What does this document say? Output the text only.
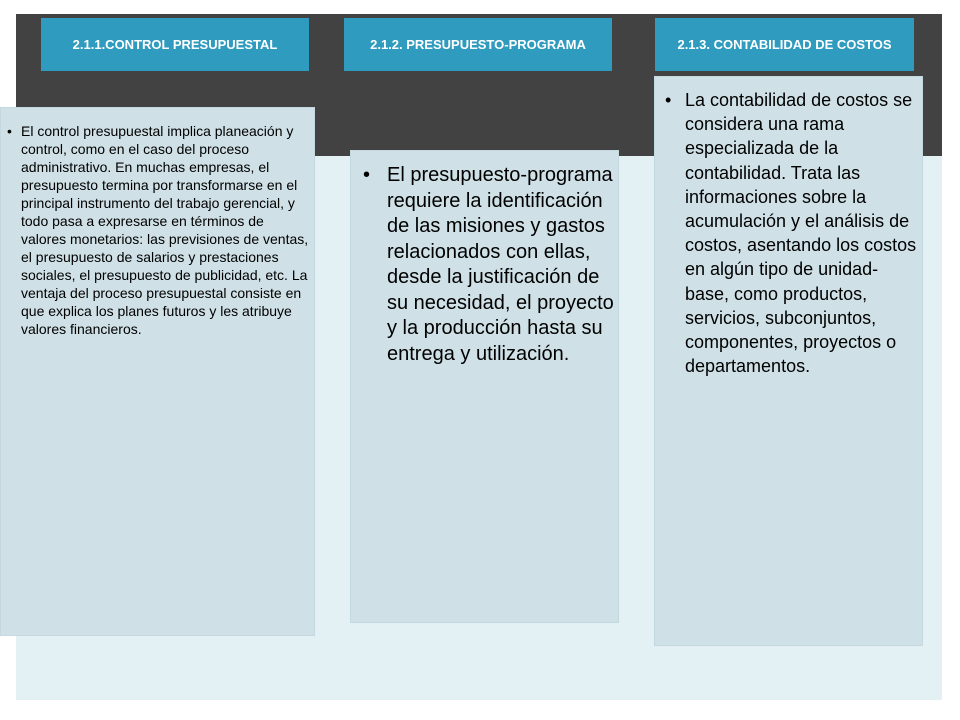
2.1.1.CONTROL PRESUPUESTAL	2.1.2. PRESUPUESTO-PROGRAMA	2.1.3. CONTABILIDAD DE COSTOS
• El control presupuestal implica planeación y control, como en el caso del proceso administrativo. En muchas empresas, el presupuesto termina por transformarse en el principal instrumento del trabajo gerencial, y todo pasa a expresarse en términos de valores monetarios: las previsiones de ventas, el presupuesto de salarios y prestaciones sociales, el presupuesto de publicidad, etc. La ventaja del proceso presupuestal consiste en que explica los planes futuros y les atribuye valores financieros.
• El presupuesto-programa requiere la identificación de las misiones y gastos relacionados con ellas, desde la justificación de su necesidad, el proyecto y la producción hasta su entrega y utilización.
• La contabilidad de costos se considera una rama especializada de la contabilidad. Trata las informaciones sobre la acumulación y el análisis de costos, asentando los costos en algún tipo de unidad-base, como productos, servicios, subconjuntos, componentes, proyectos o departamentos.
